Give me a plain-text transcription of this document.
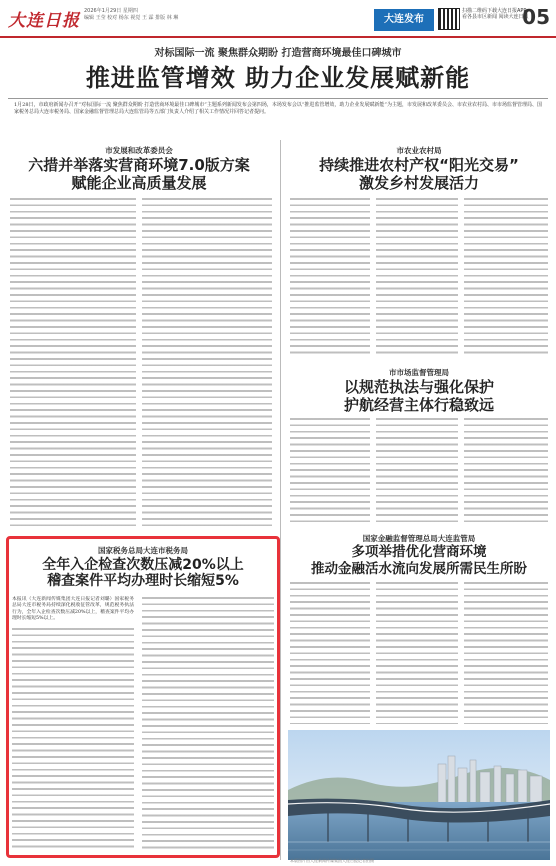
大连日报 2026年1月29日 星期四
编辑 王莹 校对 杨东 视觉 王 霖 排版 林 琳	大连发布
扫描二维码下载大连日报APP 看各县市区新闻 阅读大连日报
05
对标国际一流 聚焦群众期盼 打造营商环境最佳口碑城市
推进监管增效 助力企业发展赋新能
1月28日，市政府新闻办召开“对标国际一流 聚焦群众期盼 打造营商环境最佳口碑城市”主题系列新闻发布会第四场，本场发布会以“推进监管增效，助力企业发展赋新能”为主题，市发展和改革委员会、市农业农村局、市市场监督管理局、国家税务总局大连市税务局、国家金融监督管理总局大连监管局等五部门负责人介绍了相关工作情况并回答记者提问。
市发展和改革委员会
六措并举落实营商环境7.0版方案
赋能企业高质量发展
市农业农村局
持续推进农村产权“阳光交易”
激发乡村发展活力
市市场监督管理局
以规范执法与强化保护
护航经营主体行稳致远
国家税务总局大连市税务局
全年入企检查次数压减20%以上
稽查案件平均办理时长缩短5%
本报讯（大连新闻传媒集团大连日报记者刘璐）国家税务总局大连市税务局持续深化税收征管改革，规范税务执法行为，全年入企检查次数压减20%以上，稽查案件平均办理时长缩短5%以上。
国家金融监督管理总局大连监管局
多项举措优化营商环境
推动金融活水流向发展所需民生所盼
本版图片由大连新闻传媒集团大连日报记者拍摄
